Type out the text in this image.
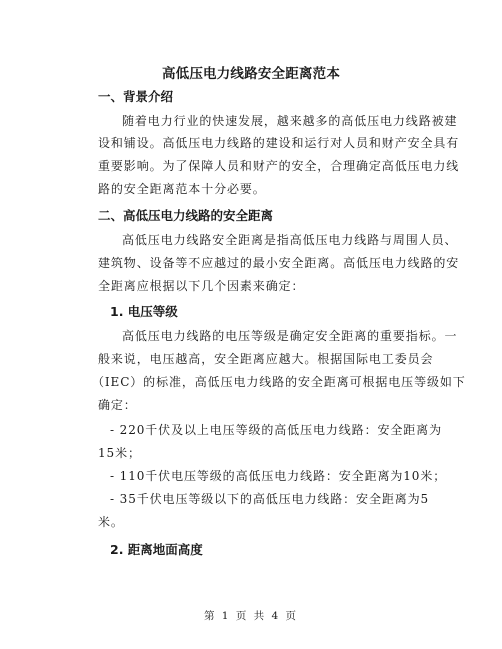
高低压电力线路安全距离范本
一、背景介绍
随着电力行业的快速发展，越来越多的高低压电力线路被建
设和铺设。高低压电力线路的建设和运行对人员和财产安全具有
重要影响。为了保障人员和财产的安全，合理确定高低压电力线
路的安全距离范本十分必要。
二、高低压电力线路的安全距离
高低压电力线路安全距离是指高低压电力线路与周围人员、
建筑物、设备等不应越过的最小安全距离。高低压电力线路的安
全距离应根据以下几个因素来确定：
1. 电压等级
高低压电力线路的电压等级是确定安全距离的重要指标。一
般来说，电压越高，安全距离应越大。根据国际电工委员会
（IEC）的标准，高低压电力线路的安全距离可根据电压等级如下
确定：
- 220千伏及以上电压等级的高低压电力线路：安全距离为
15米；
- 110千伏电压等级的高低压电力线路：安全距离为10米；
- 35千伏电压等级以下的高低压电力线路：安全距离为5
米。
2. 距离地面高度
第 1 页 共 4 页
